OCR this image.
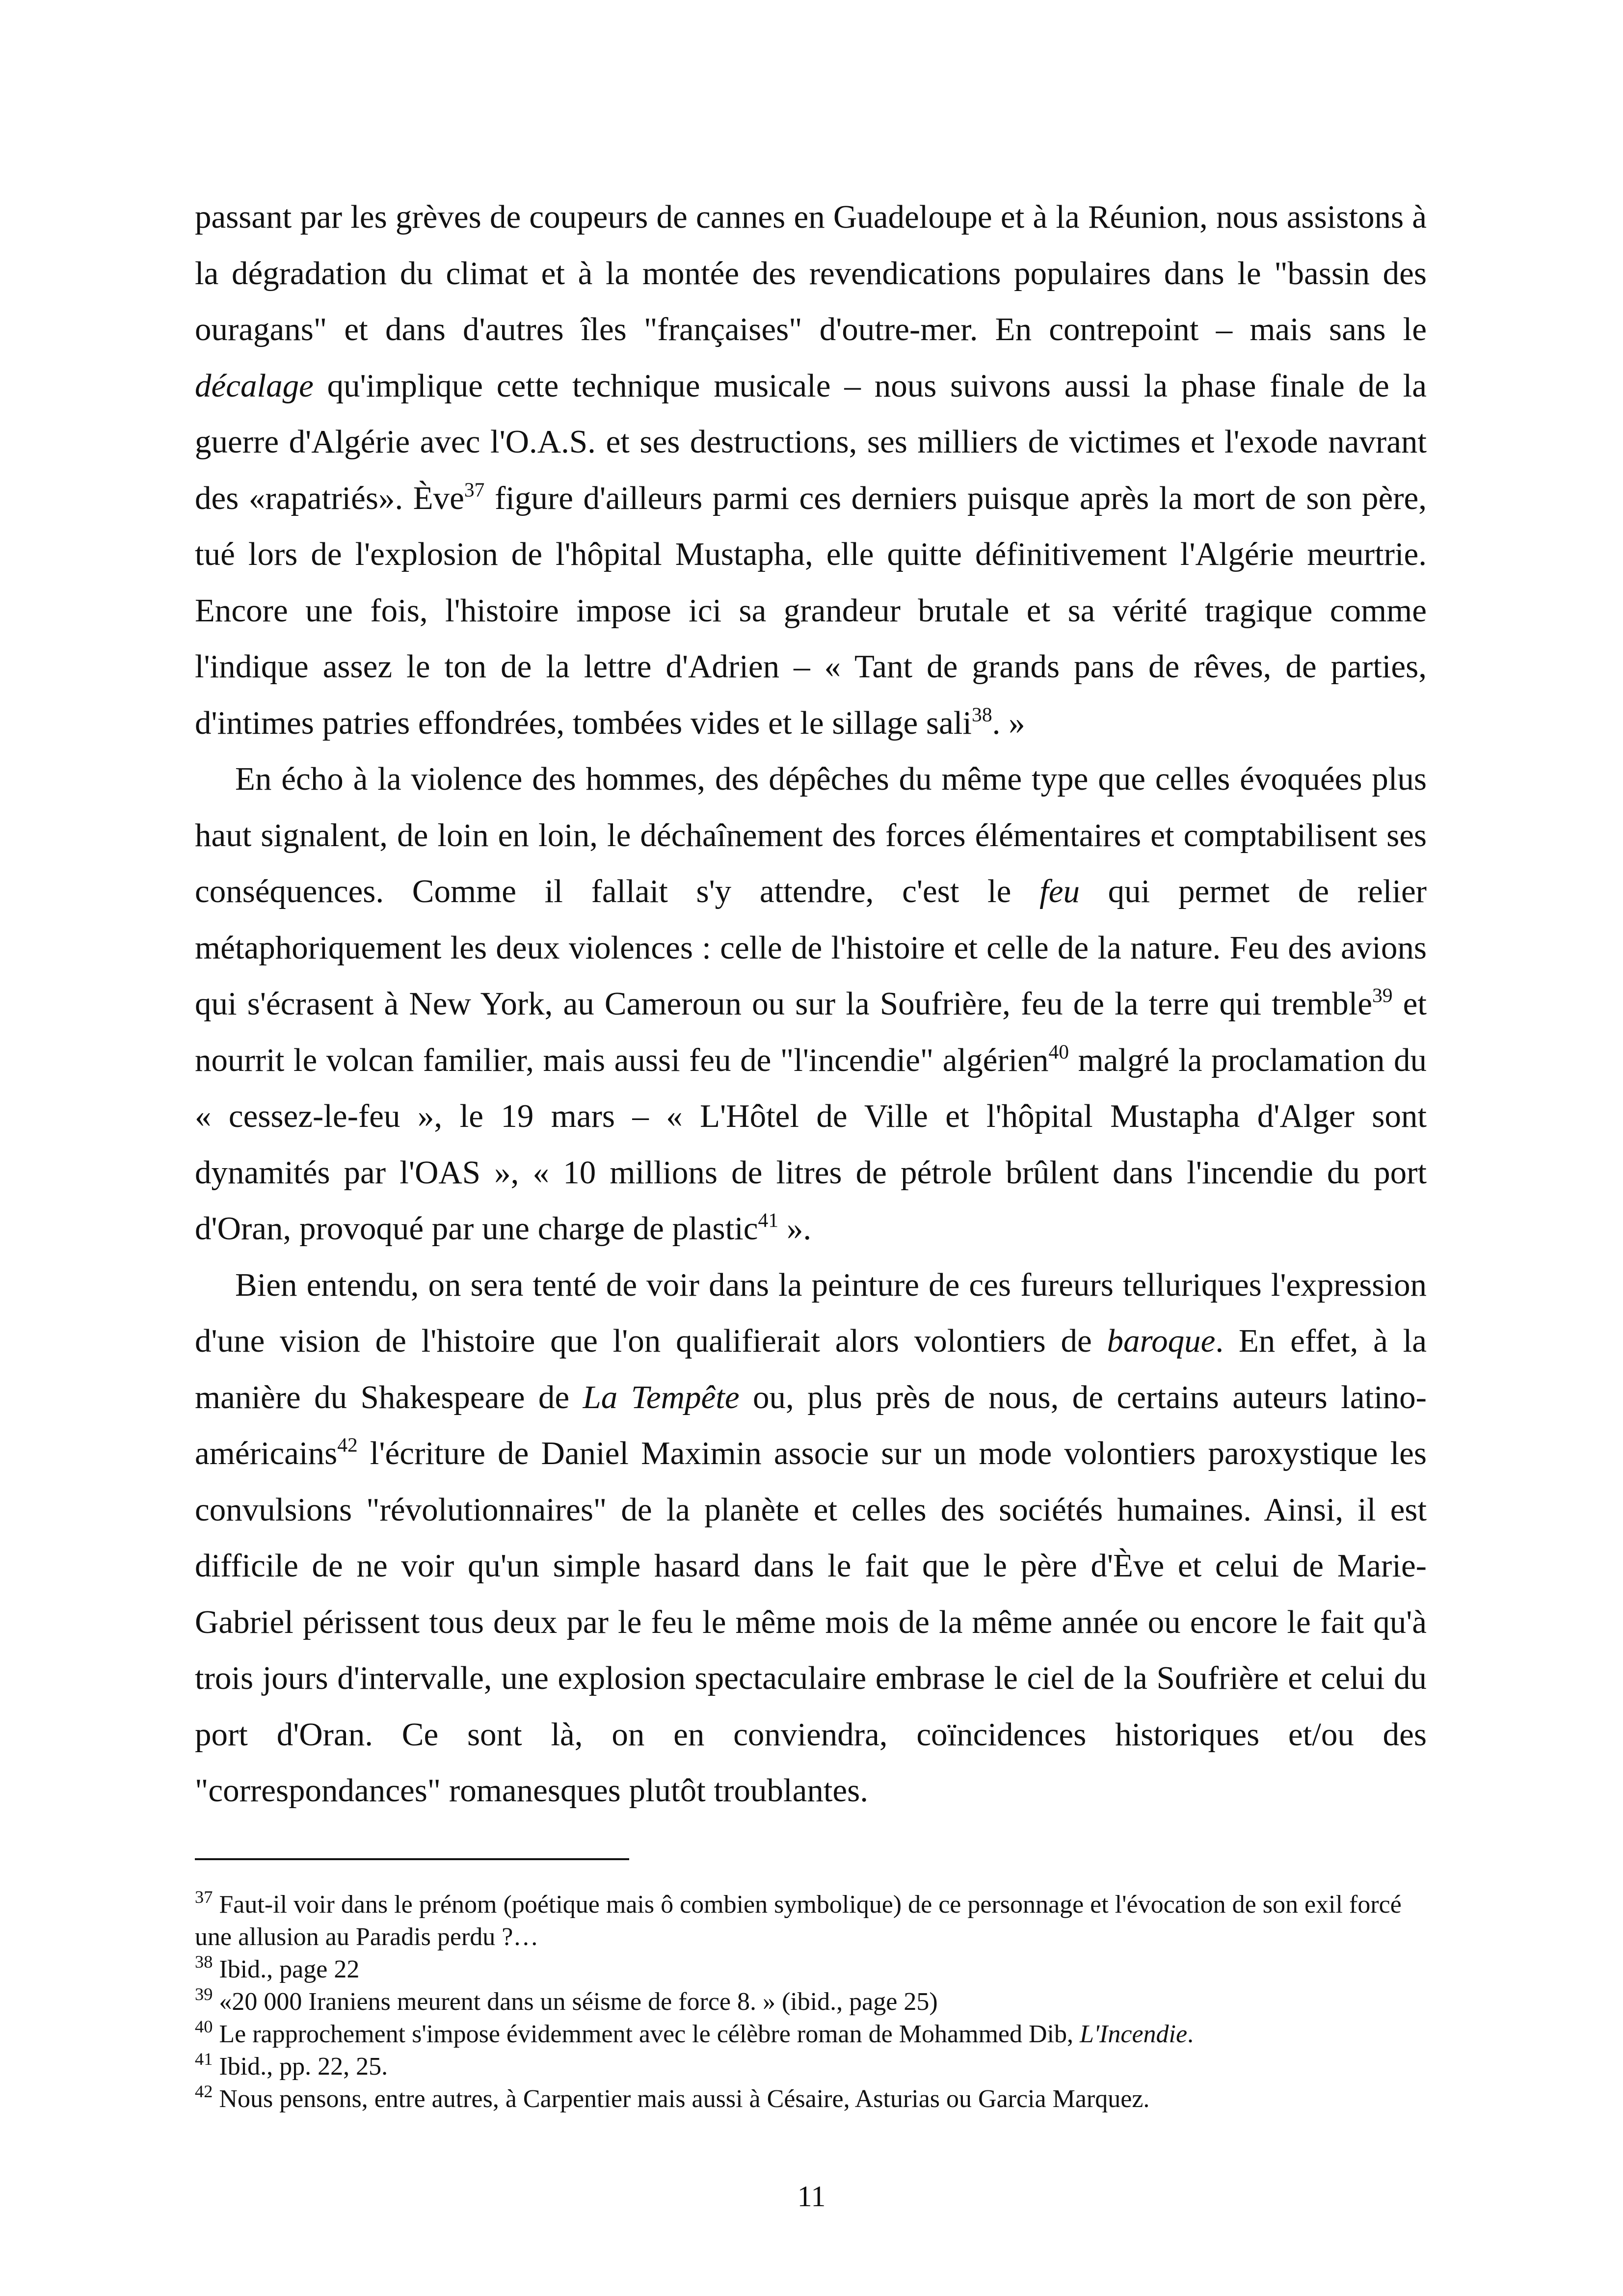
passant par les grèves de coupeurs de cannes en Guadeloupe et à la Réunion, nous assistons à la dégradation du climat et à la montée des revendications populaires dans le "bassin des ouragans" et dans d'autres îles "françaises" d'outre-mer. En contrepoint – mais sans le décalage qu'implique cette technique musicale – nous suivons aussi la phase finale de la guerre d'Algérie avec l'O.A.S. et ses destructions, ses milliers de victimes et l'exode navrant des «rapatriés». Ève$^{37}$ figure d'ailleurs parmi ces derniers puisque après la mort de son père, tué lors de l'explosion de l'hôpital Mustapha, elle quitte définitivement l'Algérie meurtrie. Encore une fois, l'histoire impose ici sa grandeur brutale et sa vérité tragique comme l'indique assez le ton de la lettre d'Adrien – « Tant de grands pans de rêves, de parties, d'intimes patries effondrées, tombées vides et le sillage sali$^{38}$. »

En écho à la violence des hommes, des dépêches du même type que celles évoquées plus haut signalent, de loin en loin, le déchaînement des forces élémentaires et comptabilisent ses conséquences. Comme il fallait s'y attendre, c'est le feu qui permet de relier métaphoriquement les deux violences : celle de l'histoire et celle de la nature. Feu des avions qui s'écrasent à New York, au Cameroun ou sur la Soufrière, feu de la terre qui tremble$^{39}$ et nourrit le volcan familier, mais aussi feu de "l'incendie" algérien$^{40}$ malgré la proclamation du « cessez-le-feu », le 19 mars – « L'Hôtel de Ville et l'hôpital Mustapha d'Alger sont dynamités par l'OAS », « 10 millions de litres de pétrole brûlent dans l'incendie du port d'Oran, provoqué par une charge de plastic$^{41}$ ».

Bien entendu, on sera tenté de voir dans la peinture de ces fureurs telluriques l'expression d'une vision de l'histoire que l'on qualifierait alors volontiers de baroque. En effet, à la manière du Shakespeare de La Tempête ou, plus près de nous, de certains auteurs latino-américains$^{42}$ l'écriture de Daniel Maximin associe sur un mode volontiers paroxystique les convulsions "révolutionnaires" de la planète et celles des sociétés humaines. Ainsi, il est difficile de ne voir qu'un simple hasard dans le fait que le père d'Ève et celui de Marie-Gabriel périssent tous deux par le feu le même mois de la même année ou encore le fait qu'à trois jours d'intervalle, une explosion spectaculaire embrase le ciel de la Soufrière et celui du port d'Oran. Ce sont là, on en conviendra, coïncidences historiques et/ou des "correspondances" romanesques plutôt troublantes.

$^{37}$ Faut-il voir dans le prénom (poétique mais ô combien symbolique) de ce personnage et l'évocation de son exil forcé une allusion au Paradis perdu ?…

$^{38}$ Ibid., page 22

$^{39}$ «20 000 Iraniens meurent dans un séisme de force 8. » (ibid., page 25)

$^{40}$ Le rapprochement s'impose évidemment avec le célèbre roman de Mohammed Dib, L'Incendie.

$^{41}$ Ibid., pp. 22, 25.

$^{42}$ Nous pensons, entre autres, à Carpentier mais aussi à Césaire, Asturias ou Garcia Marquez.

11
